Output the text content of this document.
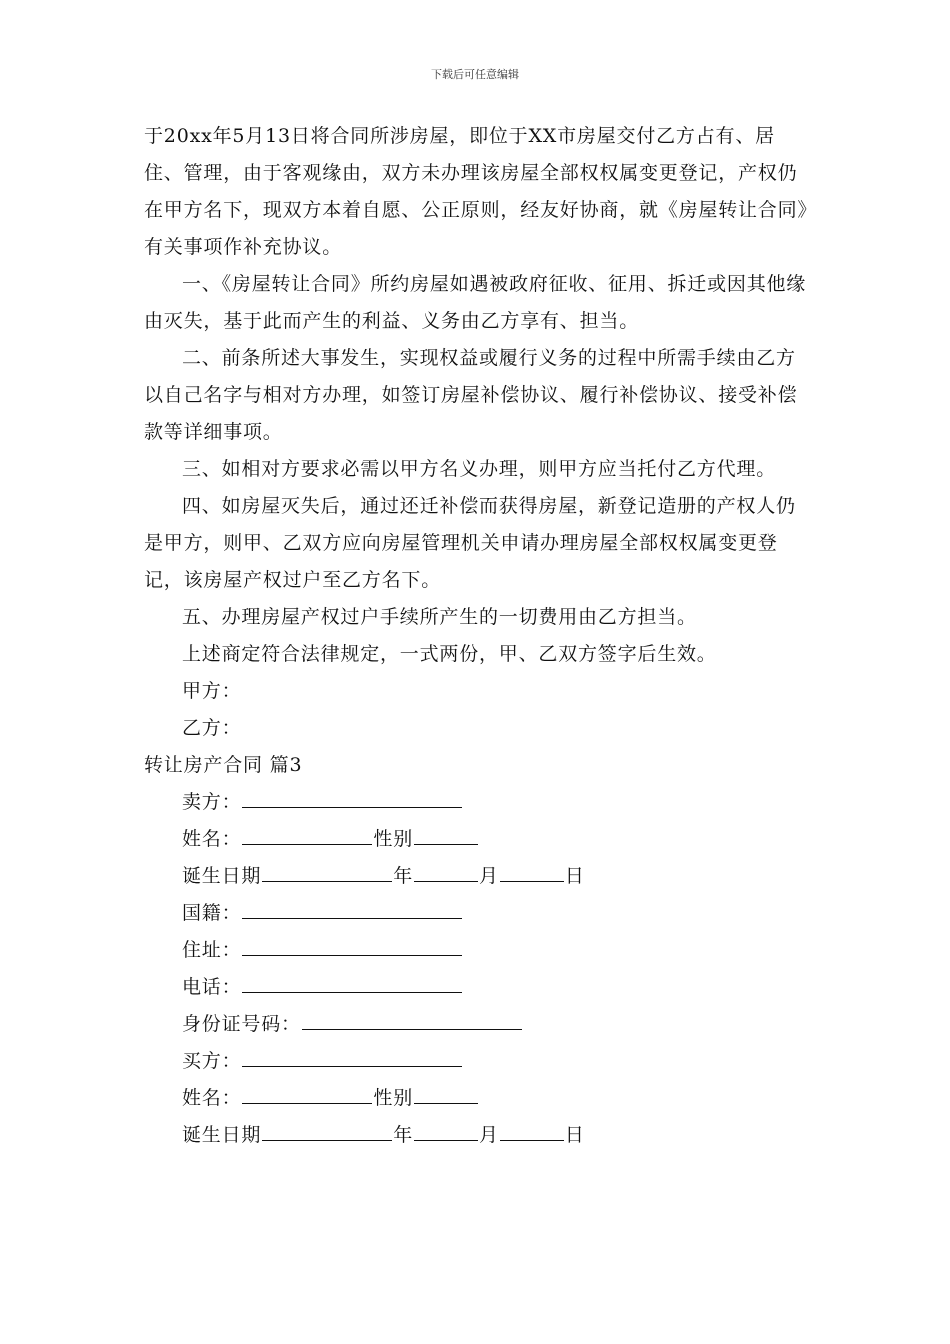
下载后可任意编辑

于20xx年5月13日将合同所涉房屋，即位于XX市房屋交付乙方占有、居住、管理，由于客观缘由，双方未办理该房屋全部权权属变更登记，产权仍在甲方名下，现双方本着自愿、公正原则，经友好协商，就《房屋转让合同》有关事项作补充协议。

一、《房屋转让合同》所约房屋如遇被政府征收、征用、拆迁或因其他缘由灭失，基于此而产生的利益、义务由乙方享有、担当。

二、前条所述大事发生，实现权益或履行义务的过程中所需手续由乙方以自己名字与相对方办理，如签订房屋补偿协议、履行补偿协议、接受补偿款等详细事项。

三、如相对方要求必需以甲方名义办理，则甲方应当托付乙方代理。

四、如房屋灭失后，通过还迁补偿而获得房屋，新登记造册的产权人仍是甲方，则甲、乙双方应向房屋管理机关申请办理房屋全部权权属变更登记，该房屋产权过户至乙方名下。

五、办理房屋产权过户手续所产生的一切费用由乙方担当。

上述商定符合法律规定，一式两份，甲、乙双方签字后生效。

甲方：

乙方：

转让房产合同 篇3

卖方：

姓名：	性别

诞生日期	年	月	日

国籍：

住址：

电话：

身份证号码：

买方：

姓名：	性别

诞生日期	年	月	日
